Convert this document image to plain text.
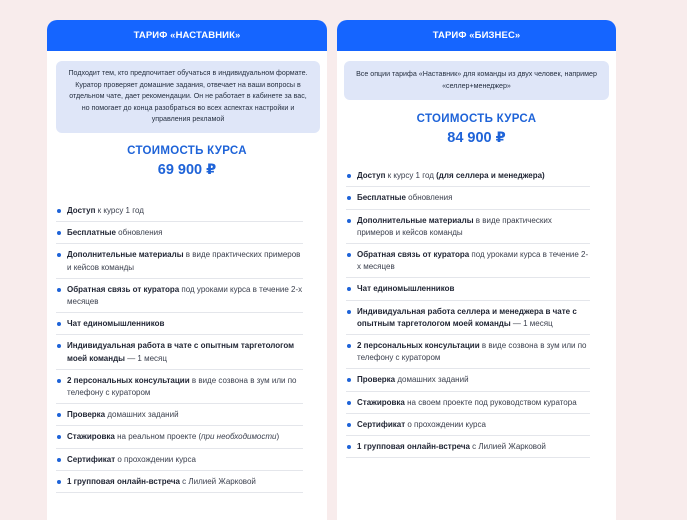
ТАРИФ «НАСТАВНИК»
Подходит тем, кто предпочитает обучаться в индивидуальном формате.
Куратор проверяет домашние задания, отвечает на ваши вопросы в отдельном чате, дает рекомендации. Он не работает в кабинете за вас, но помогает до конца разобраться во всех аспектах настройки и управления рекламой
СТОИМОСТЬ КУРСА
69 900 ₽
Доступ к курсу 1 год
Бесплатные обновления
Дополнительные материалы в виде практических примеров и кейсов команды
Обратная связь от куратора под уроками курса в течение 2-х месяцев
Чат единомышленников
Индивидуальная работа в чате с опытным таргетологом моей команды — 1 месяц
2 персональных консультации в виде созвона в зум или по телефону с куратором
Проверка домашних заданий
Стажировка на реальном проекте (при необходимости)
Сертификат о прохождении курса
1 групповая онлайн-встреча с Лилией Жарковой
ТАРИФ «БИЗНЕС»
Все опции тарифа «Наставник» для команды из двух человек, например «селлер+менеджер»
СТОИМОСТЬ КУРСА
84 900 ₽
Доступ к курсу 1 год (для селлера и менеджера)
Бесплатные обновления
Дополнительные материалы в виде практических примеров и кейсов команды
Обратная связь от куратора под уроками курса в течение 2-х месяцев
Чат единомышленников
Индивидуальная работа селлера и менеджера в чате с опытным таргетологом моей команды — 1 месяц
2 персональных консультации в виде созвона в зум или по телефону с куратором
Проверка домашних заданий
Стажировка на своем проекте под руководством куратора
Сертификат о прохождении курса
1 групповая онлайн-встреча с Лилией Жарковой
